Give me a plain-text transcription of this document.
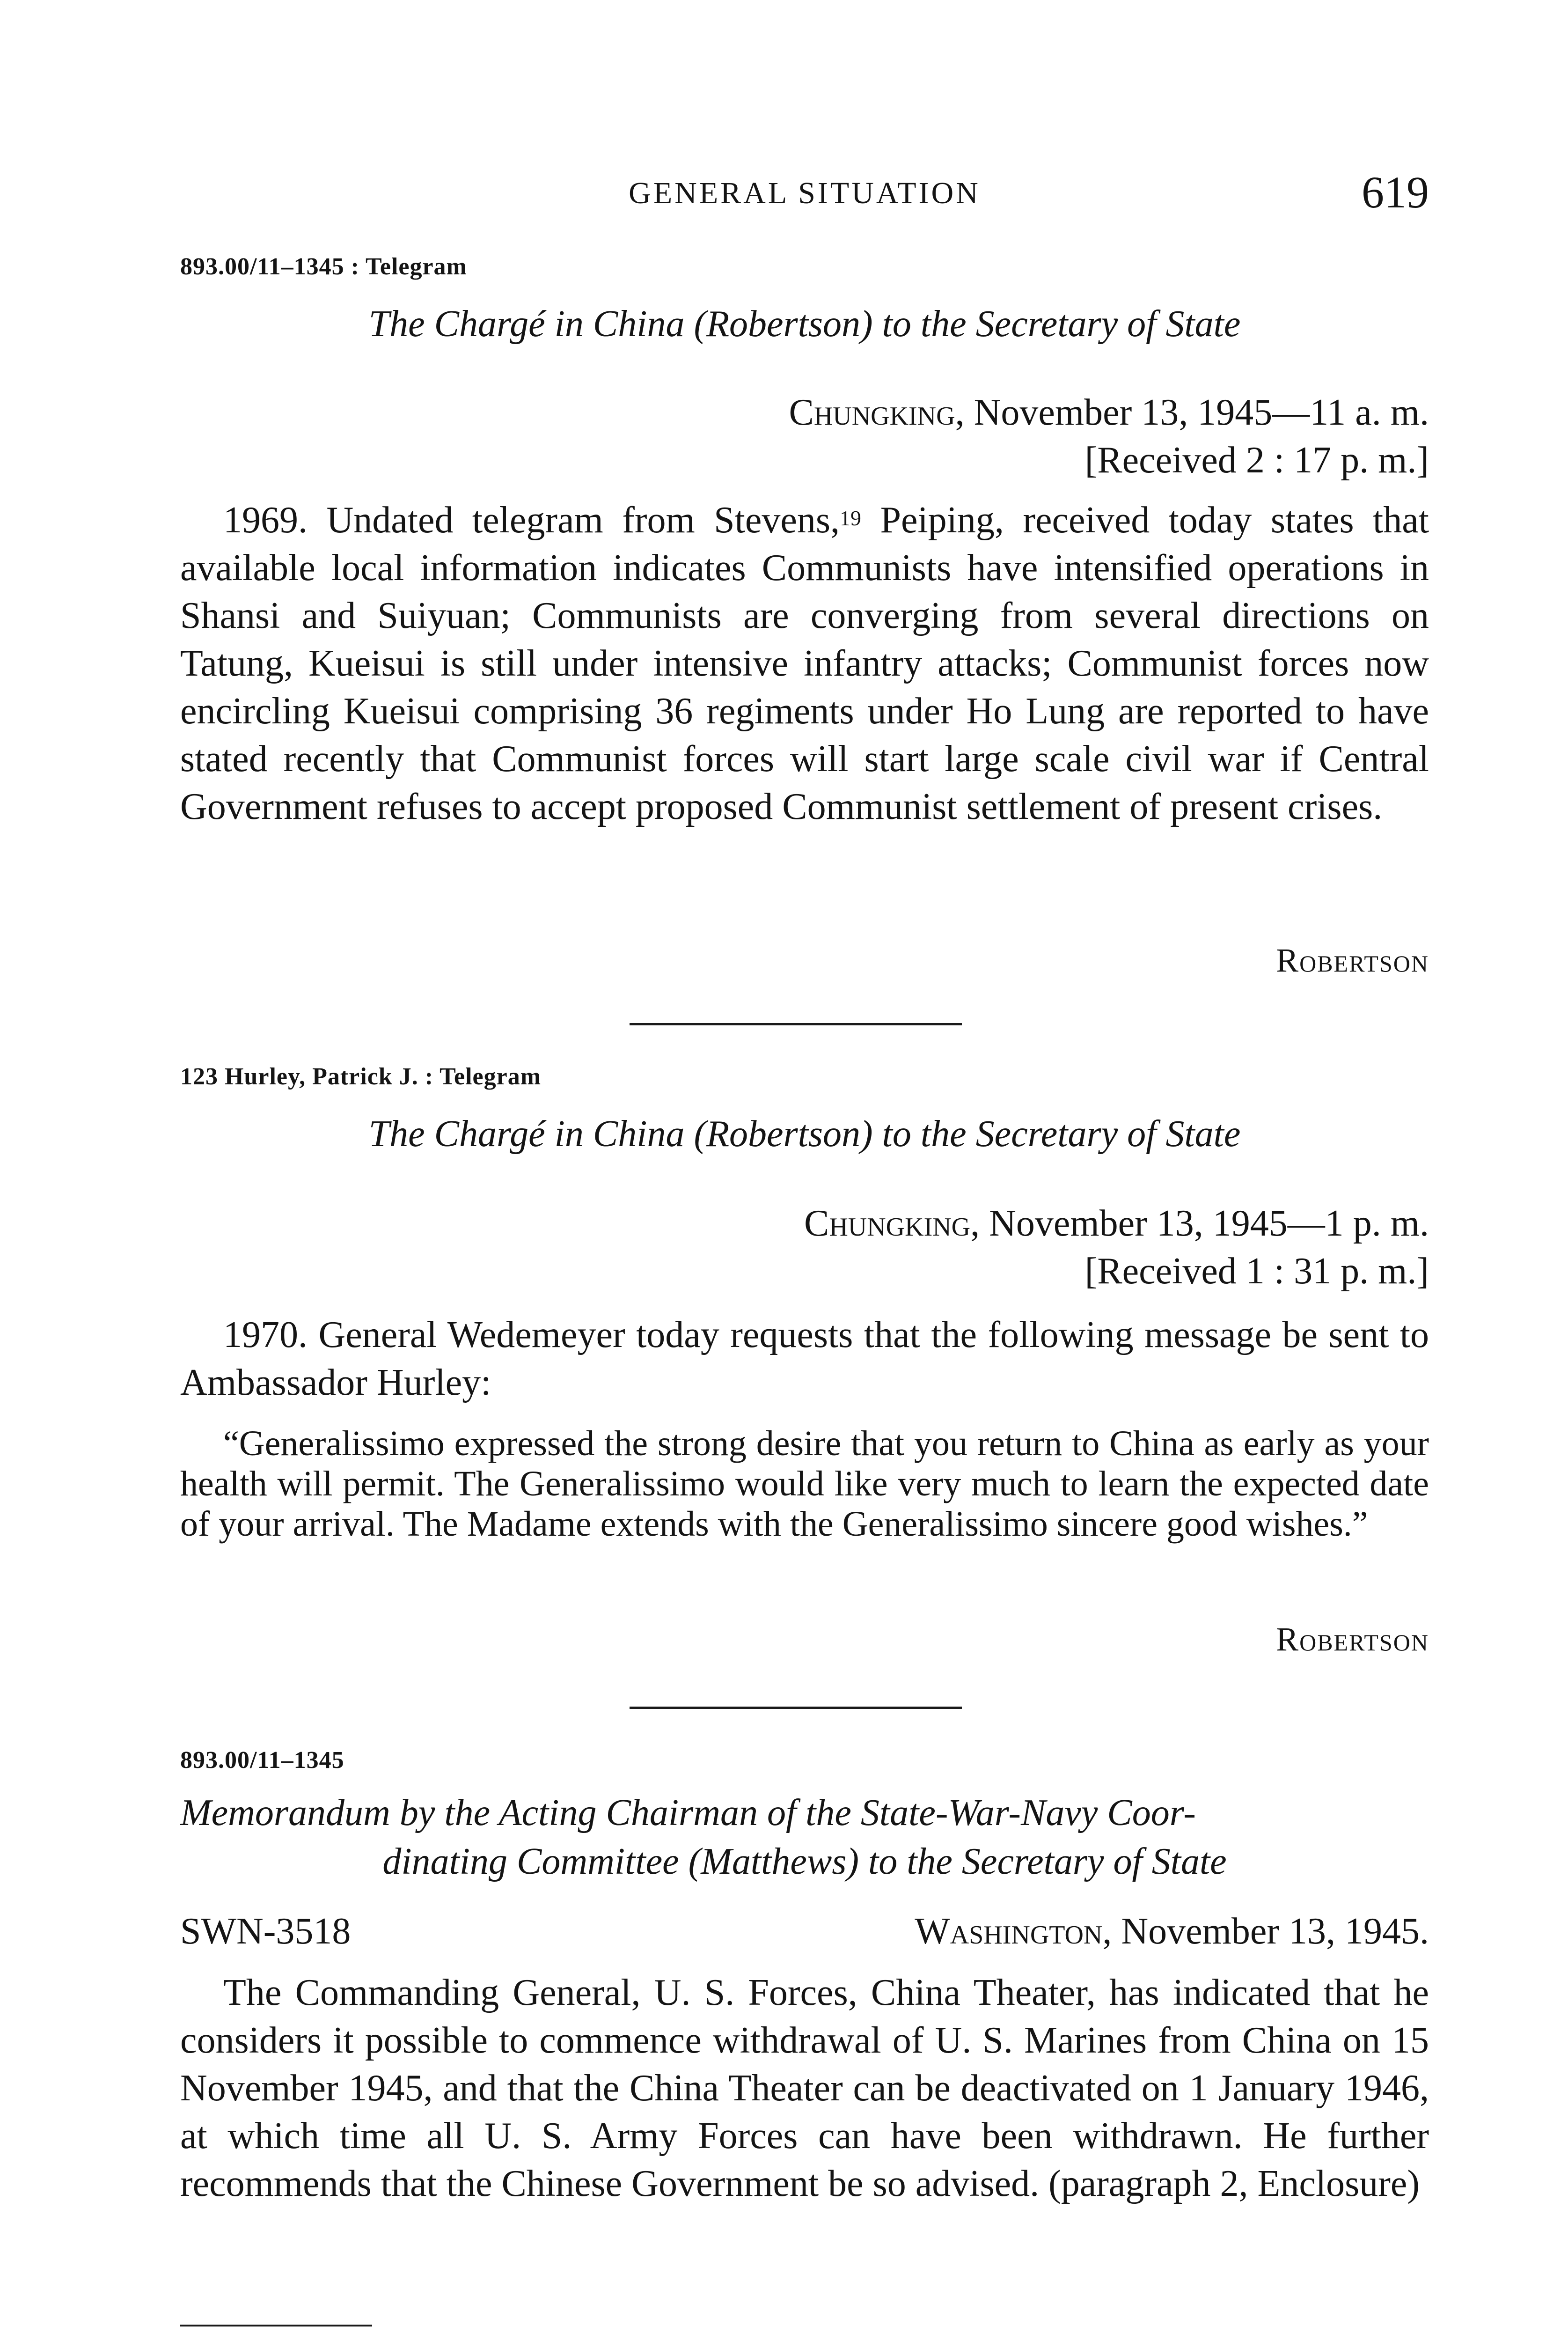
GENERAL SITUATION	619
893.00/11–1345 : Telegram
The Chargé in China (Robertson) to the Secretary of State
Chungking, November 13, 1945—11 a. m.
[Received 2 : 17 p. m.]
1969. Undated telegram from Stevens,$^{19}$ Peiping, received today states that available local information indicates Communists have intensified operations in Shansi and Suiyuan; Communists are converging from several directions on Tatung, Kueisui is still under intensive infantry attacks; Communist forces now encircling Kueisui comprising 36 regiments under Ho Lung are reported to have stated recently that Communist forces will start large scale civil war if Central Government refuses to accept proposed Communist settlement of present crises.
Robertson
123 Hurley, Patrick J. : Telegram
The Chargé in China (Robertson) to the Secretary of State
Chungking, November 13, 1945—1 p. m.
[Received 1 : 31 p. m.]
1970. General Wedemeyer today requests that the following message be sent to Ambassador Hurley:
“Generalissimo expressed the strong desire that you return to China as early as your health will permit. The Generalissimo would like very much to learn the expected date of your arrival. The Madame extends with the Generalissimo sincere good wishes.”
Robertson
893.00/11–1345
Memorandum by the Acting Chairman of the State-War-Navy Coor-
dinating Committee (Matthews) to the Secretary of State
SWN-3518	Washington, November 13, 1945.
The Commanding General, U. S. Forces, China Theater, has indicated that he considers it possible to commence withdrawal of U. S. Marines from China on 15 November 1945, and that the China Theater can be deactivated on 1 January 1946, at which time all U. S. Army Forces can have been withdrawn. He further recommends that the Chinese Government be so advised. (paragraph 2, Enclosure)
